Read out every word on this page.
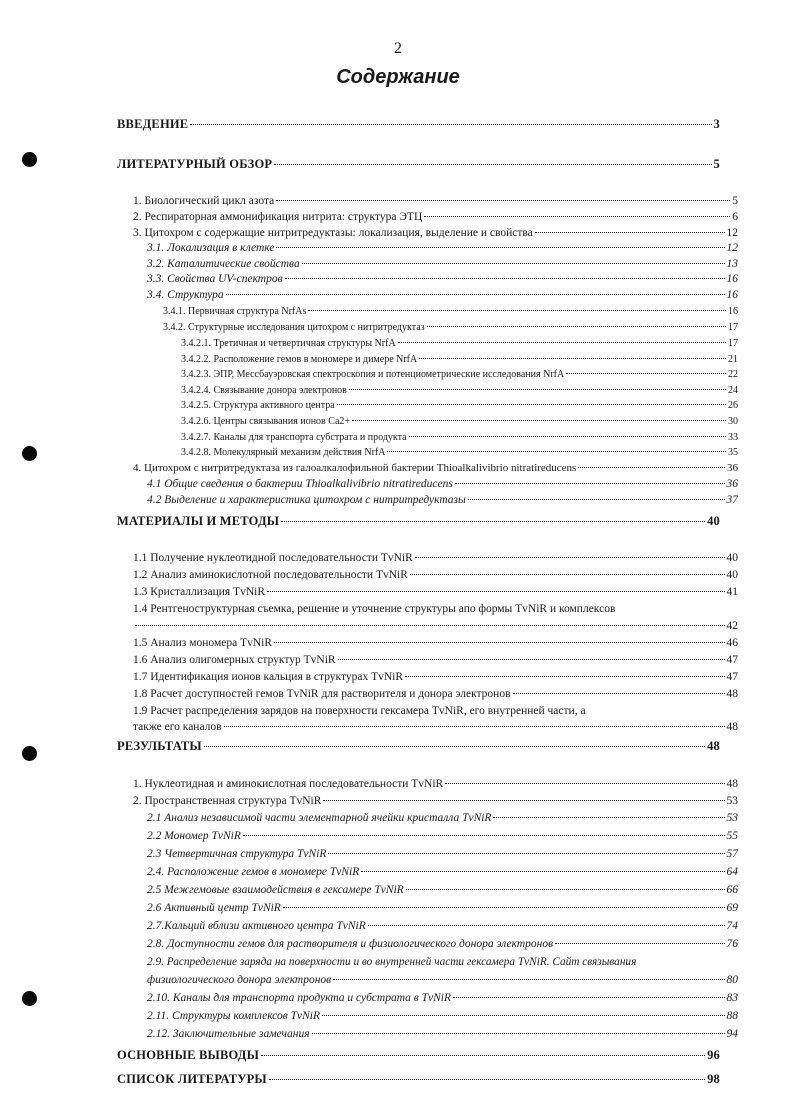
2
Содержание
ВВЕДЕНИЕ	3
ЛИТЕРАТУРНЫЙ ОБЗОР	5
1. Биологический цикл азота	5
2. Респираторная аммонификация нитрита: структура ЭТЦ	6
3. Цитохром с содержащие нитритредуктазы: локализация, выделение и свойства	12
3.1. Локализация в клетке	12
3.2. Каталитические свойства	13
3.3. Свойства UV-спектров	16
3.4. Структура	16
3.4.1. Первичная структура NrfAs	16
3.4.2. Структурные исследования цитохром с нитритредуктаз	17
3.4.2.1. Третичная и четвертичная структуры NrfA	17
3.4.2.2. Расположение гемов в мономере и димере NrfA	21
3.4.2.3. ЭПР, Мессбауэровская спектроскопия и потенциометрические исследования NrfA	22
3.4.2.4. Связывание донора электронов	24
3.4.2.5. Структура активного центра	26
3.4.2.6. Центры связывания ионов Ca2+	30
3.4.2.7. Каналы для транспорта субстрата и продукта	33
3.4.2.8. Молекулярный механизм действия NrfA	35
4. Цитохром с нитритредуктаза из галоалкалофильной бактерии Thioalkalivibrio nitratireducens	36
4.1 Общие сведения о бактерии Thioalkalivibrio nitratireducens	36
4.2 Выделение и характеристика цитохром с нитритредуктазы	37
МАТЕРИАЛЫ И МЕТОДЫ	40
1.1 Получение нуклеотидной последовательности TvNiR	40
1.2 Анализ аминокислотной последовательности TvNiR	40
1.3 Кристаллизация TvNiR	41
1.4 Рентгеноструктурная съемка, решение и уточнение структуры апо формы TvNiR и комплексов
42
1.5 Анализ мономера TvNiR	46
1.6 Анализ олигомерных структур TvNiR	47
1.7 Идентификация ионов кальция в структурах TvNiR	47
1.8 Расчет доступностей гемов TvNiR для растворителя и донора электронов	48
1.9 Расчет распределения зарядов на поверхности гексамера TvNiR, его внутренней части, а
также его каналов	48
РЕЗУЛЬТАТЫ	48
1. Нуклеотидная и аминокислотная последовательности TvNiR	48
2. Пространственная структура TvNiR	53
2.1 Анализ независимой части элементарной ячейки кристалла TvNiR	53
2.2 Мономер TvNiR	55
2.3 Четвертичная структура TvNiR	57
2.4. Расположение гемов в мономере TvNiR	64
2.5 Межгемовые взаимодействия в гексамере TvNiR	66
2.6 Активный центр TvNiR	69
2.7.Кальций вблизи активного центра TvNiR	74
2.8. Доступности гемов для растворителя и физиологического донора электронов	76
2.9. Распределение заряда на поверхности и во внутренней части гексамера TvNiR. Сайт связывания
физиологического донора электронов	80
2.10. Каналы для транспорта продукта и субстрата в TvNiR	83
2.11. Структуры комплексов TvNiR	88
2.12. Заключительные замечания	94
ОСНОВНЫЕ ВЫВОДЫ	96
СПИСОК ЛИТЕРАТУРЫ	98
